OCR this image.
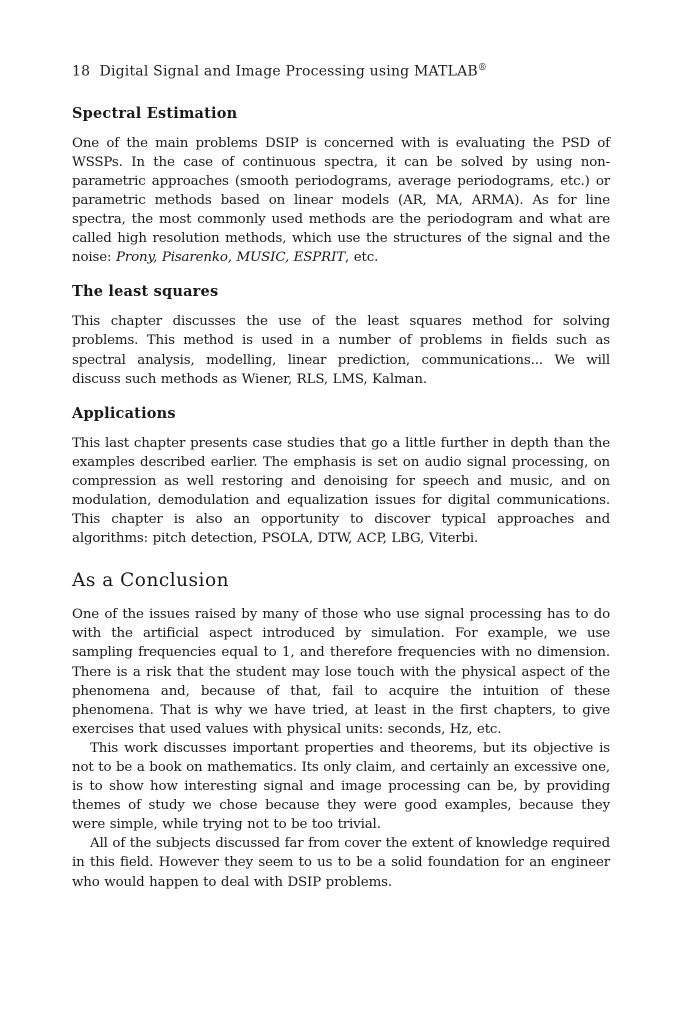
18 Digital Signal and Image Processing using MATLAB®
Spectral Estimation

One of the main problems DSIP is concerned with is evaluating the PSD of WSSPs. In the case of continuous spectra, it can be solved by using non-parametric approaches (smooth periodograms, average periodograms, etc.) or parametric methods based on linear models (AR, MA, ARMA). As for line spectra, the most commonly used methods are the periodogram and what are called high resolution methods, which use the structures of the signal and the noise: Prony, Pisarenko, MUSIC, ESPRIT, etc.

The least squares

This chapter discusses the use of the least squares method for solving problems. This method is used in a number of problems in fields such as spectral analysis, modelling, linear prediction, communications... We will discuss such methods as Wiener, RLS, LMS, Kalman.

Applications

This last chapter presents case studies that go a little further in depth than the examples described earlier. The emphasis is set on audio signal processing, on compression as well restoring and denoising for speech and music, and on modulation, demodulation and equalization issues for digital communications. This chapter is also an opportunity to discover typical approaches and algorithms: pitch detection, PSOLA, DTW, ACP, LBG, Viterbi.

As a Conclusion

One of the issues raised by many of those who use signal processing has to do with the artificial aspect introduced by simulation. For example, we use sampling frequencies equal to 1, and therefore frequencies with no dimension. There is a risk that the student may lose touch with the physical aspect of the phenomena and, because of that, fail to acquire the intuition of these phenomena. That is why we have tried, at least in the first chapters, to give exercises that used values with physical units: seconds, Hz, etc.

This work discusses important properties and theorems, but its objective is not to be a book on mathematics. Its only claim, and certainly an excessive one, is to show how interesting signal and image processing can be, by providing themes of study we chose because they were good examples, because they were simple, while trying not to be too trivial.

All of the subjects discussed far from cover the extent of knowledge required in this field. However they seem to us to be a solid foundation for an engineer who would happen to deal with DSIP problems.
